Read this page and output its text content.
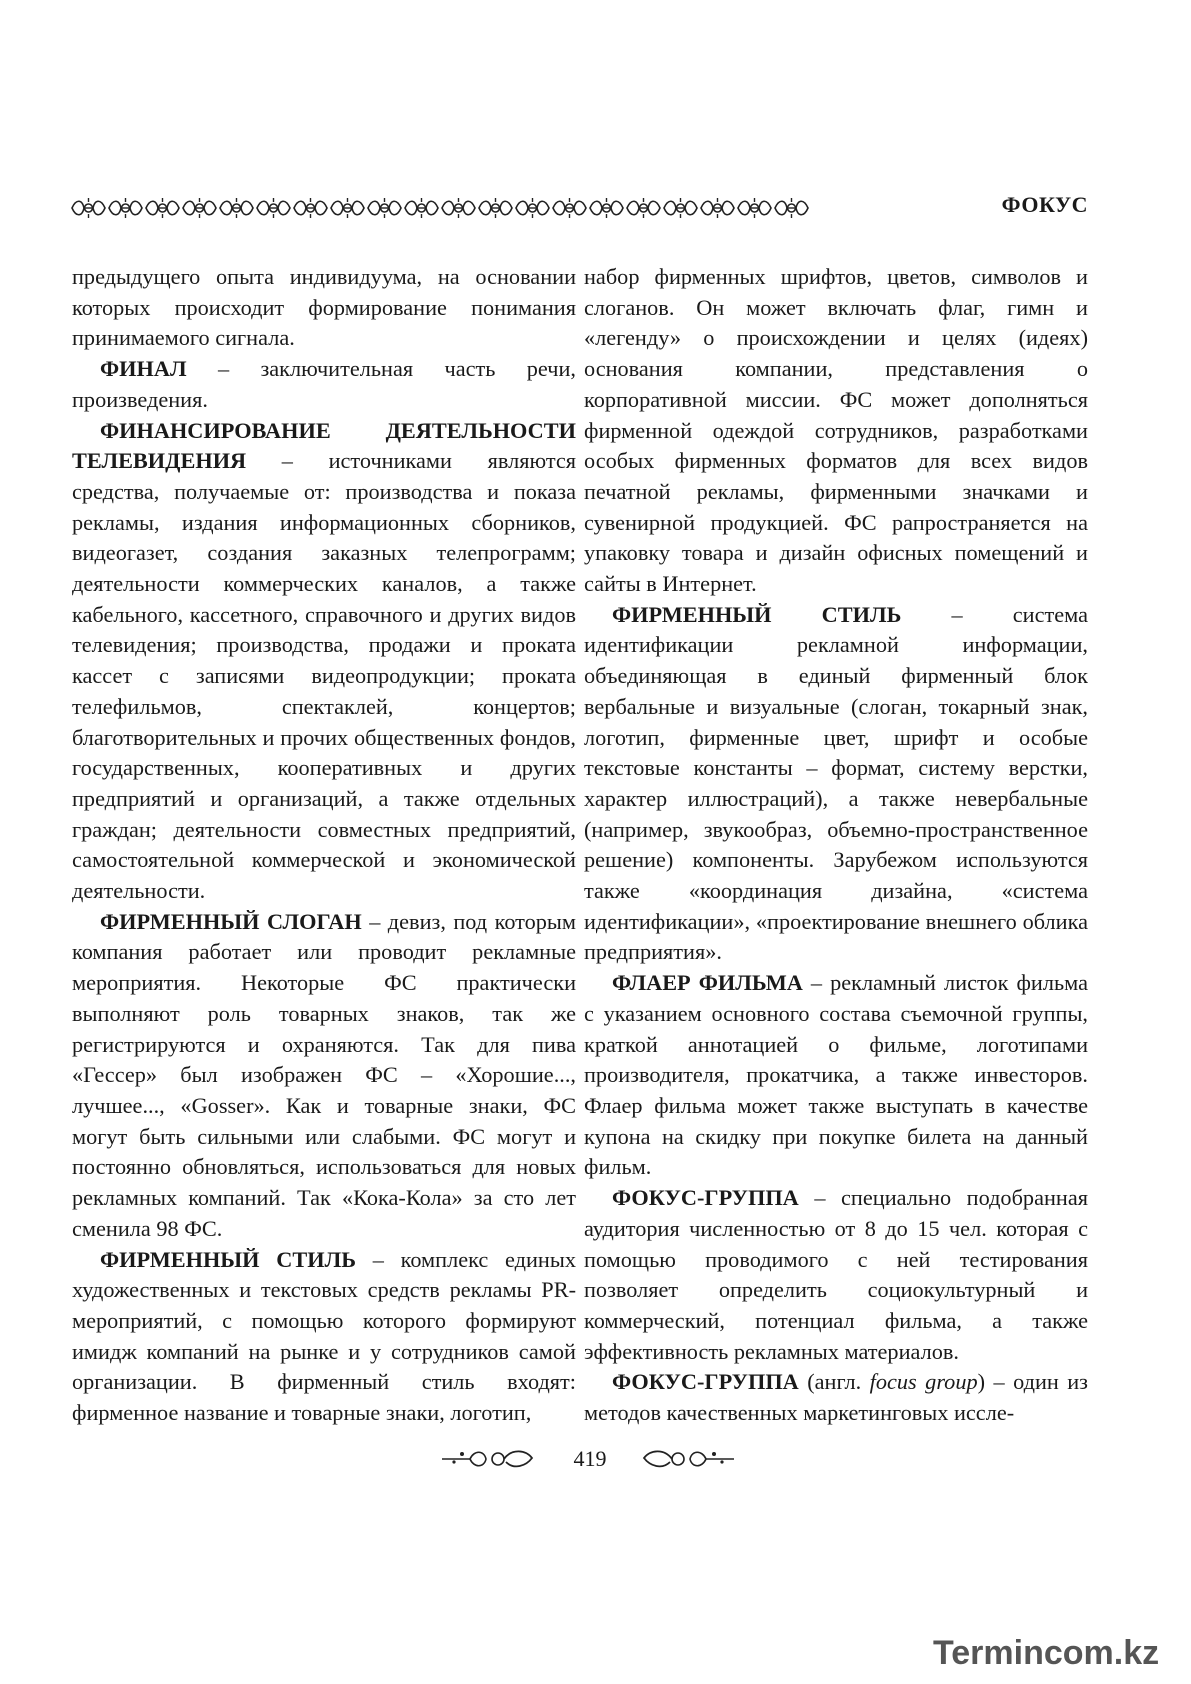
ФОКУС

предыдущего опыта индивидуума, на основании которых происходит формирование понимания принимаемого сигнала.

ФИНАЛ – заключительная часть речи, произведения.

ФИНАНСИРОВАНИЕ ДЕЯТЕЛЬНОСТИ ТЕЛЕВИДЕНИЯ – источниками являются средства, получаемые от: производства и показа рекламы, издания информационных сборников, видеогазет, создания заказных телепрограмм; деятельности коммерческих каналов, а также кабельного, кассетного, справочного и других видов телевидения; производства, продажи и проката кассет с записями видеопродукции; проката телефильмов, спектаклей, концертов; благотворительных и прочих общественных фондов, государственных, кооперативных и других предприятий и организаций, а также отдельных граждан; деятельности совместных предприятий, самостоятельной коммерческой и экономической деятельности.

ФИРМЕННЫЙ СЛОГАН – девиз, под которым компания работает или проводит рекламные мероприятия. Некоторые ФС практически выполняют роль товарных знаков, так же регистрируются и охраняются. Так для пива «Гессер» был изображен ФС – «Хорошие..., лучшее..., «Gosser». Как и товарные знаки, ФС могут быть сильными или слабыми. ФС могут и постоянно обновляться, использоваться для новых рекламных компаний. Так «Кока-Кола» за сто лет сменила 98 ФС.

ФИРМЕННЫЙ СТИЛЬ – комплекс единых художественных и текстовых средств рекламы PR-мероприятий, с помощью которого формируют имидж компаний на рынке и у сотрудников самой организации. В фирменный стиль входят: фирменное название и товарные знаки, логотип,

набор фирменных шрифтов, цветов, символов и слоганов. Он может включать флаг, гимн и «легенду» о происхождении и целях (идеях) основания компании, представления о корпоративной миссии. ФС может дополняться фирменной одеждой сотрудников, разработками особых фирменных форматов для всех видов печатной рекламы, фирменными значками и сувенирной продукцией. ФС рапространяется на упаковку товара и дизайн офисных помещений и сайты в Интернет.

ФИРМЕННЫЙ СТИЛЬ – система идентификации рекламной информации, объединяющая в единый фирменный блок вербальные и визуальные (слоган, токарный знак, логотип, фирменные цвет, шрифт и особые текстовые константы – формат, систему верстки, характер иллюстраций), а также невербальные (например, звукообраз, объемно-пространственное решение) компоненты. Зарубежом используются также «координация дизайна, «система идентификации», «проектирование внешнего облика предприятия».

ФЛАЕР ФИЛЬМА – рекламный листок фильма с указанием основного состава съемочной группы, краткой аннотацией о фильме, логотипами производителя, прокатчика, а также инвесторов. Флаер фильма может также выступать в качестве купона на скидку при покупке билета на данный фильм.

ФОКУС-ГРУППА – специально подобранная аудитория численностью от 8 до 15 чел. которая с помощью проводимого с ней тестирования позволяет определить социокультурный и коммерческий, потенциал фильма, а также эффективность рекламных материалов.

ФОКУС-ГРУППА (англ. focus group) – один из методов качественных маркетинговых иссле-

419
Termincom.kz
